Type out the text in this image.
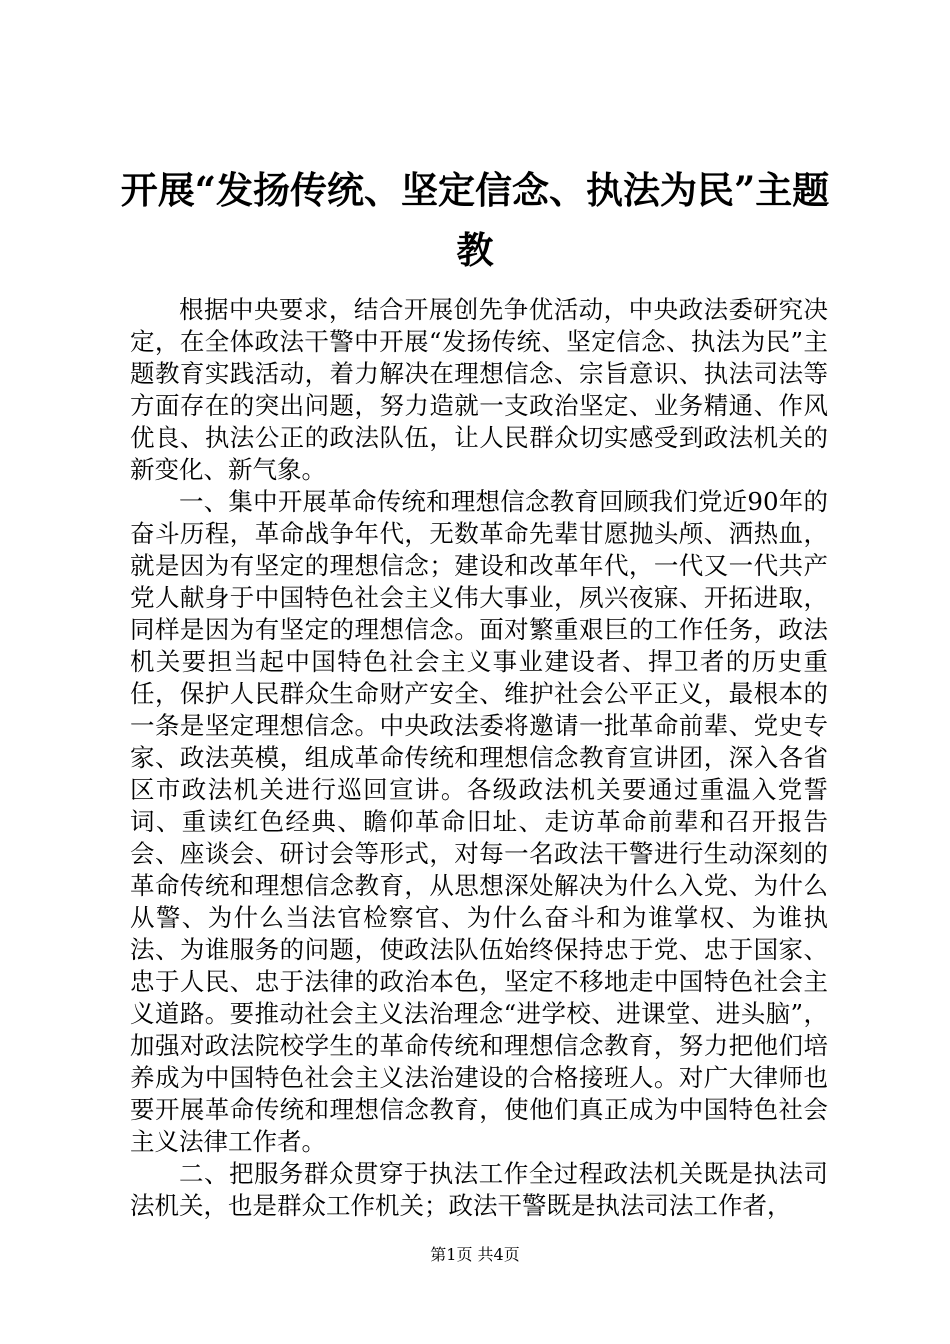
开展“发扬传统、坚定信念、执法为民”主题教

根据中央要求，结合开展创先争优活动，中央政法委研究决定，在全体政法干警中开展“发扬传统、坚定信念、执法为民”主题教育实践活动，着力解决在理想信念、宗旨意识、执法司法等方面存在的突出问题，努力造就一支政治坚定、业务精通、作风优良、执法公正的政法队伍，让人民群众切实感受到政法机关的新变化、新气象。

一、集中开展革命传统和理想信念教育回顾我们党近90年的奋斗历程，革命战争年代，无数革命先辈甘愿抛头颅、洒热血，就是因为有坚定的理想信念；建设和改革年代，一代又一代共产党人献身于中国特色社会主义伟大事业，夙兴夜寐、开拓进取，同样是因为有坚定的理想信念。面对繁重艰巨的工作任务，政法机关要担当起中国特色社会主义事业建设者、捍卫者的历史重任，保护人民群众生命财产安全、维护社会公平正义，最根本的一条是坚定理想信念。中央政法委将邀请一批革命前辈、党史专家、政法英模，组成革命传统和理想信念教育宣讲团，深入各省区市政法机关进行巡回宣讲。各级政法机关要通过重温入党誓词、重读红色经典、瞻仰革命旧址、走访革命前辈和召开报告会、座谈会、研讨会等形式，对每一名政法干警进行生动深刻的革命传统和理想信念教育，从思想深处解决为什么入党、为什么从警、为什么当法官检察官、为什么奋斗和为谁掌权、为谁执法、为谁服务的问题，使政法队伍始终保持忠于党、忠于国家、忠于人民、忠于法律的政治本色，坚定不移地走中国特色社会主义道路。要推动社会主义法治理念“进学校、进课堂、进头脑”，加强对政法院校学生的革命传统和理想信念教育，努力把他们培养成为中国特色社会主义法治建设的合格接班人。对广大律师也要开展革命传统和理想信念教育，使他们真正成为中国特色社会主义法律工作者。

二、把服务群众贯穿于执法工作全过程政法机关既是执法司法机关，也是群众工作机关；政法干警既是执法司法工作者，

第1页 共4页
